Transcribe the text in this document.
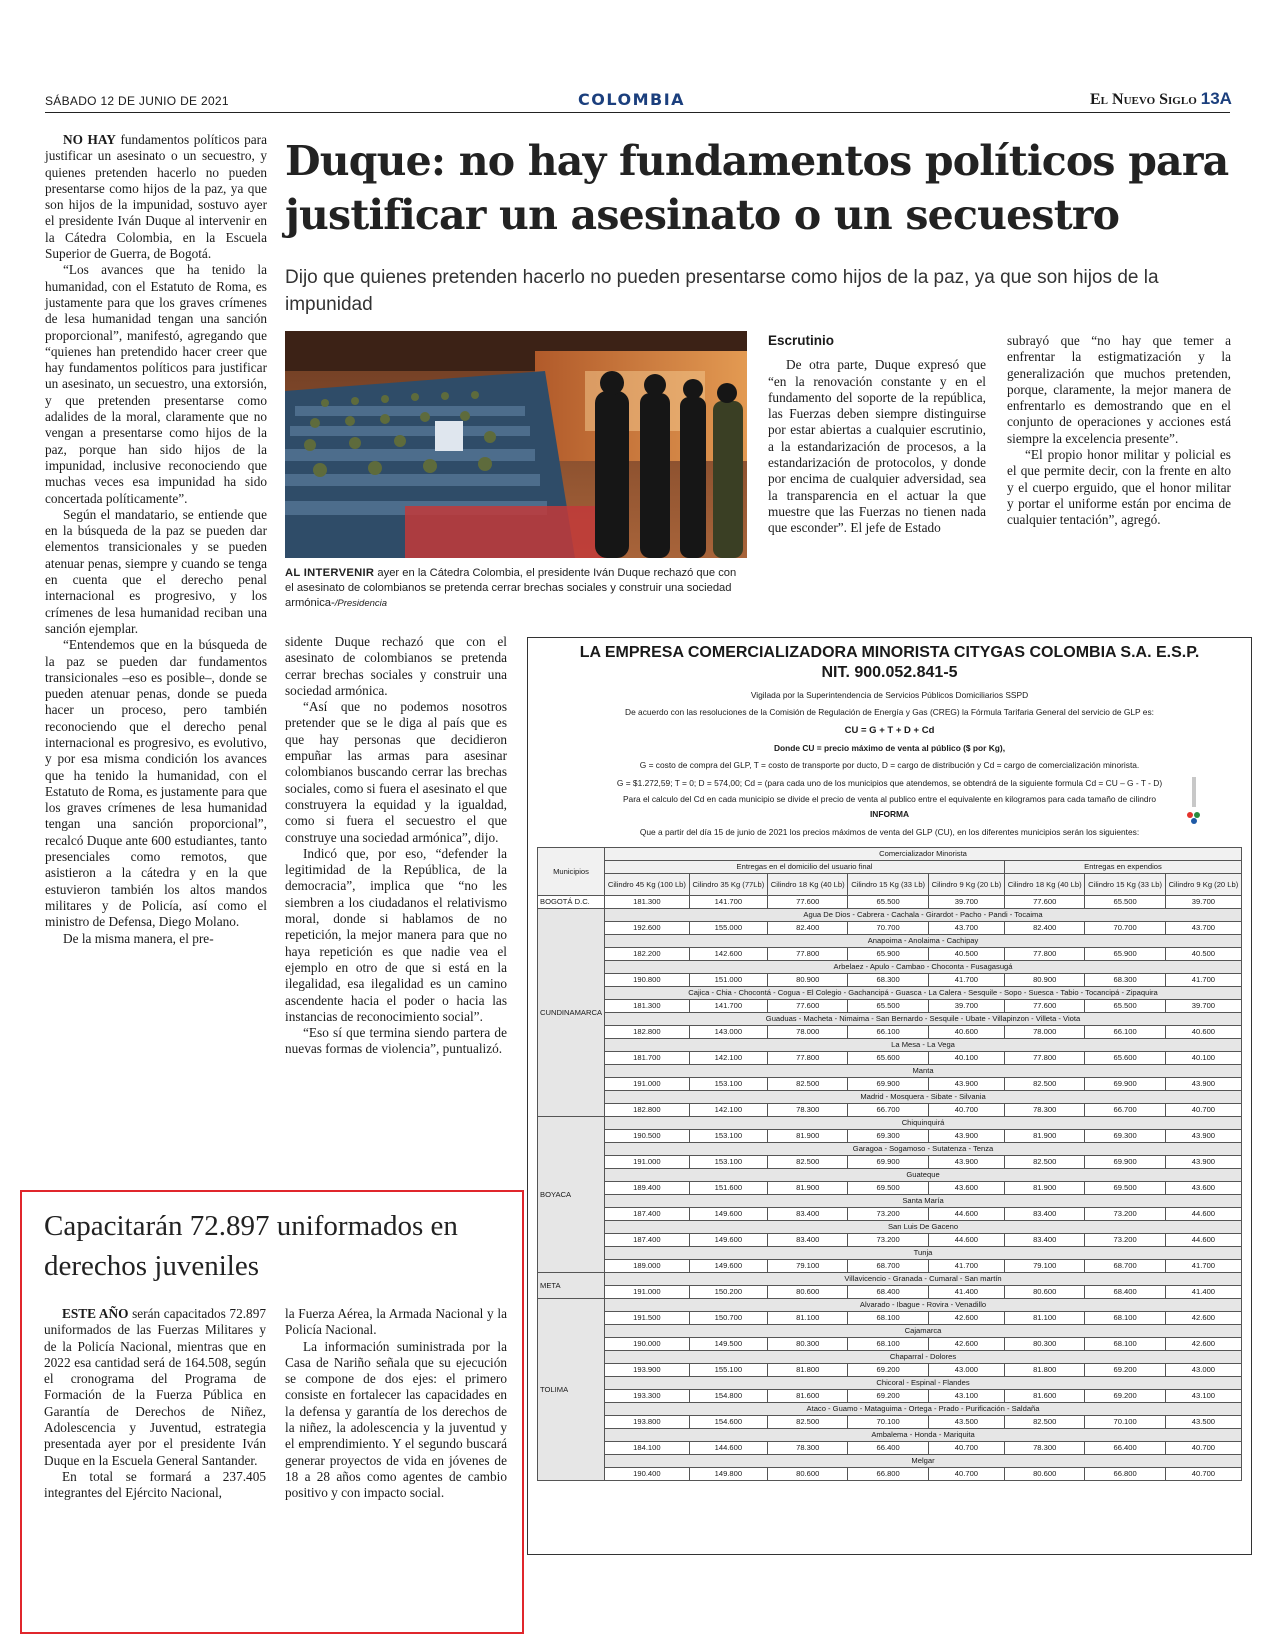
SÁBADO 12 DE JUNIO DE 2021	COLOMBIA	El Nuevo Siglo 13A
Duque: no hay fundamentos políticos para justificar un asesinato o un secuestro
Dijo que quienes pretenden hacerlo no pueden presentarse como hijos de la paz, ya que son hijos de la impunidad

NO HAY fundamentos políticos para justificar un asesinato o un secuestro, y quienes pretenden hacerlo no pueden presentarse como hijos de la paz, ya que son hijos de la impunidad, sostuvo ayer el presidente Iván Duque al intervenir en la Cátedra Colombia, en la Escuela Superior de Guerra, de Bogotá.

“Los avances que ha tenido la humanidad, con el Estatuto de Roma, es justamente para que los graves crímenes de lesa humanidad tengan una sanción proporcional”, manifestó, agregando que “quienes han pretendido hacer creer que hay fundamentos políticos para justificar un asesinato, un secuestro, una extorsión, y que pretenden presentarse como adalides de la moral, claramente que no vengan a presentarse como hijos de la paz, porque han sido hijos de la impunidad, inclusive reconociendo que muchas veces esa impunidad ha sido concertada políticamente”.

Según el mandatario, se entiende que en la búsqueda de la paz se pueden dar elementos transicionales y se pueden atenuar penas, siempre y cuando se tenga en cuenta que el derecho penal internacional es progresivo, y los crímenes de lesa humanidad reciban una sanción ejemplar.

“Entendemos que en la búsqueda de la paz se pueden dar fundamentos transicionales –eso es posible–, donde se pueden atenuar penas, donde se pueda hacer un proceso, pero también reconociendo que el derecho penal internacional es progresivo, es evolutivo, y por esa misma condición los avances que ha tenido la humanidad, con el Estatuto de Roma, es justamente para que los graves crímenes de lesa humanidad tengan una sanción proporcional”, recalcó Duque ante 600 estudiantes, tanto presenciales como remotos, que asistieron a la cátedra y en la que estuvieron también los altos mandos militares y de Policía, así como el ministro de Defensa, Diego Molano.

De la misma manera, el pre-

AL INTERVENIR ayer en la Cátedra Colombia, el presidente Iván Duque rechazó que con el asesinato de colombianos se pretenda cerrar brechas sociales y construir una sociedad armónica-/Presidencia

sidente Duque rechazó que con el asesinato de colombianos se pretenda cerrar brechas sociales y construir una sociedad armónica.

“Así que no podemos nosotros pretender que se le diga al país que es que hay personas que decidieron empuñar las armas para asesinar colombianos buscando cerrar las brechas sociales, como si fuera el asesinato el que construyera la equidad y la igualdad, como si fuera el secuestro el que construye una sociedad armónica”, dijo.

Indicó que, por eso, “defender la legitimidad de la República, de la democracia”, implica que “no les siembren a los ciudadanos el relativismo moral, donde si hablamos de no repetición, la mejor manera para que no haya repetición es que nadie vea el ejemplo en otro de que si está en la ilegalidad, esa ilegalidad es un camino ascendente hacia el poder o hacia las instancias de reconocimiento social”.

“Eso sí que termina siendo partera de nuevas formas de violencia”, puntualizó.

Escrutinio

De otra parte, Duque expresó que “en la renovación constante y en el fundamento del soporte de la república, las Fuerzas deben siempre distinguirse por estar abiertas a cualquier escrutinio, a la estandarización de procesos, a la estandarización de protocolos, y donde por encima de cualquier adversidad, sea la transparencia en el actuar la que muestre que las Fuerzas no tienen nada que esconder”. El jefe de Estado

subrayó que “no hay que temer a enfrentar la estigmatización y la generalización que muchos pretenden, porque, claramente, la mejor manera de enfrentarlo es demostrando que en el conjunto de operaciones y acciones está siempre la excelencia presente”.

“El propio honor militar y policial es el que permite decir, con la frente en alto y el cuerpo erguido, que el honor militar y portar el uniforme están por encima de cualquier tentación”, agregó.

Capacitarán 72.897 uniformados en derechos juveniles

ESTE AÑO serán capacitados 72.897 uniformados de las Fuerzas Militares y de la Policía Nacional, mientras que en 2022 esa cantidad será de 164.508, según el cronograma del Programa de Formación de la Fuerza Pública en Garantía de Derechos de Niñez, Adolescencia y Juventud, estrategia presentada ayer por el presidente Iván Duque en la Escuela General Santander.

En total se formará a 237.405 integrantes del Ejército Nacional,

la Fuerza Aérea, la Armada Nacional y la Policía Nacional.

La información suministrada por la Casa de Nariño señala que su ejecución se compone de dos ejes: el primero consiste en fortalecer las capacidades en la defensa y garantía de los derechos de la niñez, la adolescencia y la juventud y el emprendimiento. Y el segundo buscará generar proyectos de vida en jóvenes de 18 a 28 años como agentes de cambio positivo y con impacto social.

LA EMPRESA COMERCIALIZADORA MINORISTA CITYGAS COLOMBIA S.A. E.S.P.
NIT. 900.052.841-5
Vigilada por la Superintendencia de Servicios Públicos Domiciliarios SSPD
De acuerdo con las resoluciones de la Comisión de Regulación de Energía y Gas (CREG) la Fórmula Tarifaria General del servicio de GLP es:
CU = G + T + D + Cd
Donde CU = precio máximo de venta al público ($ por Kg),
G = costo de compra del GLP, T = costo de transporte por ducto, D = cargo de distribución y Cd = cargo de comercialización minorista.
G = $1.272,59; T = 0; D = 574,00; Cd = (para cada uno de los municipios que atendemos, se obtendrá de la siguiente formula Cd = CU – G - T - D)
Para el calculo del Cd en cada municipio se divide el precio de venta al publico entre el equivalente en kilogramos para cada tamaño de cilindro
INFORMA
Que a partir del día 15 de junio de 2021 los precios máximos de venta del GLP (CU), en los diferentes municipios serán los siguientes:
Municipios	Comercializador Minorista							
	Entregas en el domicilio del usuario final					Entregas en expendios		
	Cilindro 45 Kg (100 Lb)	Cilindro 35 Kg (77Lb)	Cilindro 18 Kg (40 Lb)	Cilindro 15 Kg (33 Lb)	Cilindro 9 Kg (20 Lb)	Cilindro 18 Kg (40 Lb)	Cilindro 15 Kg (33 Lb)	Cilindro 9 Kg (20 Lb)
BOGOTÁ D.C.	181.300	141.700	77.600	65.500	39.700	77.600	65.500	39.700
CUNDINAMARCA	Agua De Dios - Cabrera - Cachala - Girardot - Pacho - Pandi - Tocaima							
	192.600	155.000	82.400	70.700	43.700	82.400	70.700	43.700
	Anapoima - Anolaima - Cachipay							
	182.200	142.600	77.800	65.900	40.500	77.800	65.900	40.500
	Arbelaez - Apulo - Cambao - Choconta - Fusagasugá							
	190.800	151.000	80.900	68.300	41.700	80.900	68.300	41.700
	Cajica - Chia - Chocontá - Cogua - El Colegio - Gachancipá - Guasca - La Calera - Sesquile - Sopo - Suesca - Tabio - Tocancipá - Zipaquira							
	181.300	141.700	77.600	65.500	39.700	77.600	65.500	39.700
	Guaduas - Macheta - Nimaima - San Bernardo - Sesquile - Ubate - Villapinzon - Villeta - Viota							
	182.800	143.000	78.000	66.100	40.600	78.000	66.100	40.600
	La Mesa - La Vega							
	181.700	142.100	77.800	65.600	40.100	77.800	65.600	40.100
	Manta							
	191.000	153.100	82.500	69.900	43.900	82.500	69.900	43.900
	Madrid - Mosquera - Sibate - Silvania							
	182.800	142.100	78.300	66.700	40.700	78.300	66.700	40.700
BOYACA	Chiquinquirá							
	190.500	153.100	81.900	69.300	43.900	81.900	69.300	43.900
	Garagoa - Sogamoso - Sutatenza - Tenza							
	191.000	153.100	82.500	69.900	43.900	82.500	69.900	43.900
	Guateque							
	189.400	151.600	81.900	69.500	43.600	81.900	69.500	43.600
	Santa María							
	187.400	149.600	83.400	73.200	44.600	83.400	73.200	44.600
	San Luis De Gaceno							
	187.400	149.600	83.400	73.200	44.600	83.400	73.200	44.600
	Tunja							
	189.000	149.600	79.100	68.700	41.700	79.100	68.700	41.700
META	Villavicencio - Granada - Cumaral - San martín							
	191.000	150.200	80.600	68.400	41.400	80.600	68.400	41.400
TOLIMA	Alvarado - Ibague - Rovira - Venadillo							
	191.500	150.700	81.100	68.100	42.600	81.100	68.100	42.600
	Cajamarca							
	190.000	149.500	80.300	68.100	42.600	80.300	68.100	42.600
	Chaparral - Dolores							
	193.900	155.100	81.800	69.200	43.000	81.800	69.200	43.000
	Chicoral - Espinal - Flandes							
	193.300	154.800	81.600	69.200	43.100	81.600	69.200	43.100
	Ataco - Guamo - Mataguima - Ortega - Prado - Purificación - Saldaña							
	193.800	154.600	82.500	70.100	43.500	82.500	70.100	43.500
	Ambalema - Honda - Mariquita							
	184.100	144.600	78.300	66.400	40.700	78.300	66.400	40.700
	Melgar							
	190.400	149.800	80.600	66.800	40.700	80.600	66.800	40.700
